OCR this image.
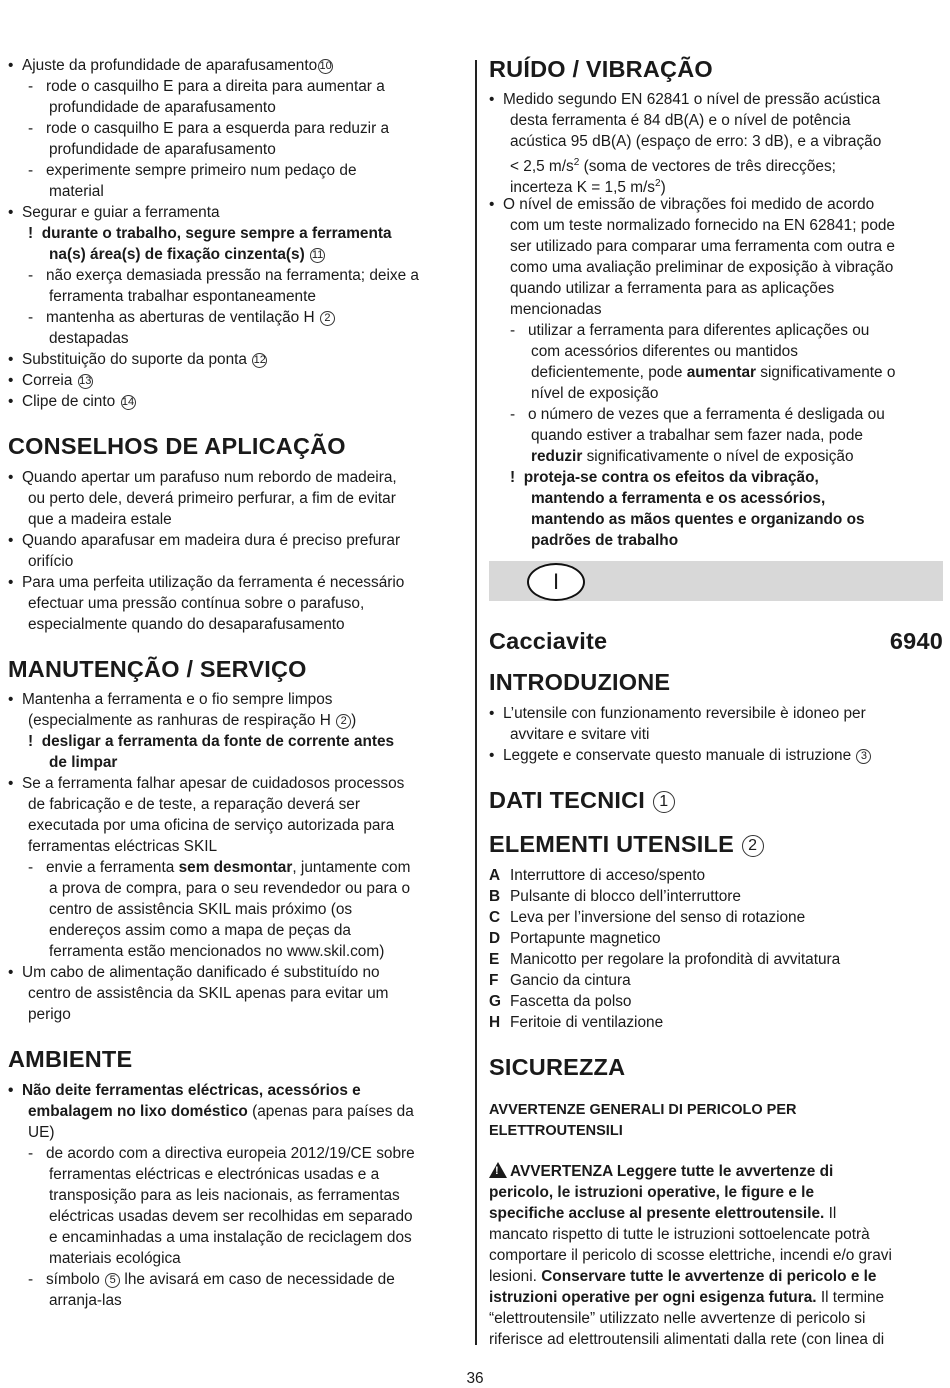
• Ajuste da profundidade de aparafusamento 10
- rode o casquilho E para a direita para aumentar a
profundidade de aparafusamento
- rode o casquilho E para a esquerda para reduzir a
profundidade de aparafusamento
- experimente sempre primeiro num pedaço de
material
• Segurar e guiar a ferramenta
! durante o trabalho, segure sempre a ferramenta
na(s) área(s) de fixação cinzenta(s) 11
- não exerça demasiada pressão na ferramenta; deixe a
ferramenta trabalhar espontaneamente
- mantenha as aberturas de ventilação H 2
destapadas
• Substituição do suporte da ponta 12
• Correia 13
• Clipe de cinto 14
CONSELHOS DE APLICAÇÃO
• Quando apertar um parafuso num rebordo de madeira,
ou perto dele, deverá primeiro perfurar, a fim de evitar
que a madeira estale
• Quando aparafusar em madeira dura é preciso prefurar
orifício
• Para uma perfeita utilização da ferramenta é necessário
efectuar uma pressão contínua sobre o parafuso,
especialmente quando do desaparafusamento
MANUTENÇÃO / SERVIÇO
• Mantenha a ferramenta e o fio sempre limpos
(especialmente as ranhuras de respiração H 2 )
! desligar a ferramenta da fonte de corrente antes
de limpar
• Se a ferramenta falhar apesar de cuidadosos processos
de fabricação e de teste, a reparação deverá ser
executada por uma oficina de serviço autorizada para
ferramentas eléctricas SKIL
- envie a ferramenta sem desmontar, juntamente com
a prova de compra, para o seu revendedor ou para o
centro de assistência SKIL mais próximo (os
endereços assim como a mapa de peças da
ferramenta estão mencionados no www.skil.com)
• Um cabo de alimentação danificado é substituído no
centro de assistência da SKIL apenas para evitar um
perigo
AMBIENTE
• Não deite ferramentas eléctricas, acessórios e
embalagem no lixo doméstico (apenas para países da
UE)
- de acordo com a directiva europeia 2012/19/CE sobre
ferramentas eléctricas e electrónicas usadas e a
transposição para as leis nacionais, as ferramentas
eléctricas usadas devem ser recolhidas em separado
e encaminhadas a uma instalação de reciclagem dos
materiais ecológica
- símbolo 5 lhe avisará em caso de necessidade de
arranja-las
RUÍDO / VIBRAÇÃO
• Medido segundo EN 62841 o nível de pressão acústica
desta ferramenta é 84 dB(A) e o nível de potência
acústica 95 dB(A) (espaço de erro: 3 dB), e a vibração
< 2,5 $m/s^2$ (soma de vectores de três direcções;
incerteza K = 1,5 $m/s^2$)
• O nível de emissão de vibrações foi medido de acordo
com um teste normalizado fornecido na EN 62841; pode
ser utilizado para comparar uma ferramenta com outra e
como uma avaliação preliminar de exposição à vibração
quando utilizar a ferramenta para as aplicações
mencionadas
- utilizar a ferramenta para diferentes aplicações ou
com acessórios diferentes ou mantidos
deficientemente, pode aumentar significativamente o
nível de exposição
- o número de vezes que a ferramenta é desligada ou
quando estiver a trabalhar sem fazer nada, pode
reduzir significativamente o nível de exposição
! proteja-se contra os efeitos da vibração,
mantendo a ferramenta e os acessórios,
mantendo as mãos quentes e organizando os
padrões de trabalho
I
Cacciavite	6940
INTRODUZIONE
• L’utensile con funzionamento reversibile è idoneo per
avvitare e svitare viti
• Leggete e conservate questo manuale di istruzione 3
DATI TECNICI 1
ELEMENTI UTENSILE 2
A Interruttore di acceso/spento
B Pulsante di blocco dell’interruttore
C Leva per l’inversione del senso di rotazione
D Portapunte magnetico
E Manicotto per regolare la profondità di avvitatura
F Gancio da cintura
G Fascetta da polso
H Feritoie di ventilazione
SICUREZZA
AVVERTENZE GENERALI DI PERICOLO PER
ELETTROUTENSILI
! AVVERTENZA Leggere tutte le avvertenze di
pericolo, le istruzioni operative, le figure e le
specifiche accluse al presente elettroutensile. Il
mancato rispetto di tutte le istruzioni sottoelencate potrà
comportare il pericolo di scosse elettriche, incendi e/o gravi
lesioni. Conservare tutte le avvertenze di pericolo e le
istruzioni operative per ogni esigenza futura. Il termine
“elettroutensile” utilizzato nelle avvertenze di pericolo si
riferisce ad elettroutensili alimentati dalla rete (con linea di
36
